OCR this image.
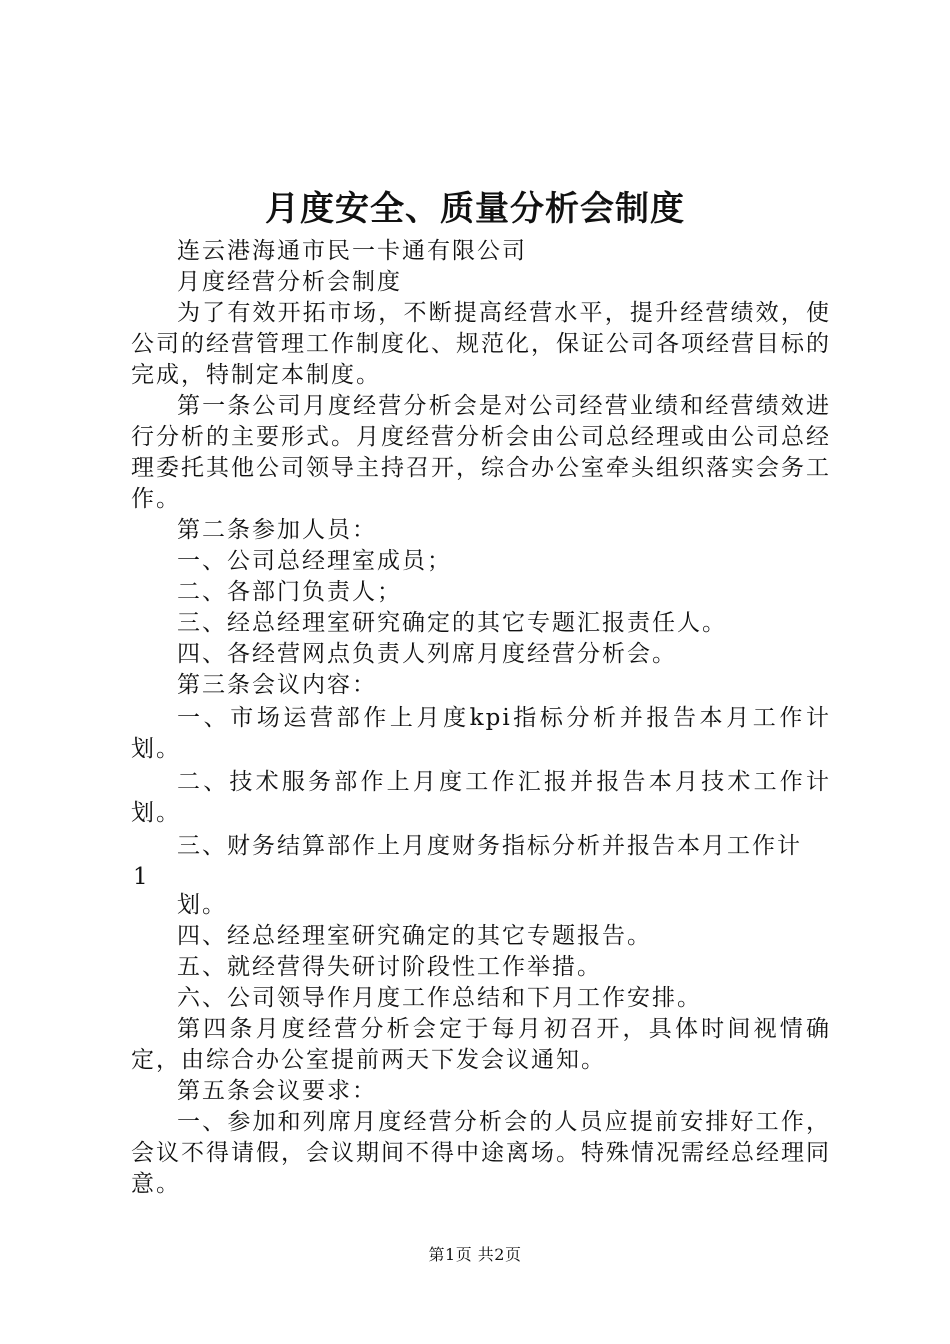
月度安全、质量分析会制度

连云港海通市民一卡通有限公司

月度经营分析会制度

为了有效开拓市场，不断提高经营水平，提升经营绩效，使公司的经营管理工作制度化、规范化，保证公司各项经营目标的完成，特制定本制度。

第一条公司月度经营分析会是对公司经营业绩和经营绩效进行分析的主要形式。月度经营分析会由公司总经理或由公司总经理委托其他公司领导主持召开，综合办公室牵头组织落实会务工作。

第二条参加人员：

一、公司总经理室成员；

二、各部门负责人；

三、经总经理室研究确定的其它专题汇报责任人。

四、各经营网点负责人列席月度经营分析会。

第三条会议内容：

一、市场运营部作上月度kpi指标分析并报告本月工作计划。

二、技术服务部作上月度工作汇报并报告本月技术工作计划。

三、财务结算部作上月度财务指标分析并报告本月工作计

1

划。

四、经总经理室研究确定的其它专题报告。

五、就经营得失研讨阶段性工作举措。

六、公司领导作月度工作总结和下月工作安排。

第四条月度经营分析会定于每月初召开，具体时间视情确定，由综合办公室提前两天下发会议通知。

第五条会议要求：

一、参加和列席月度经营分析会的人员应提前安排好工作，会议不得请假，会议期间不得中途离场。特殊情况需经总经理同意。

第1页 共2页
